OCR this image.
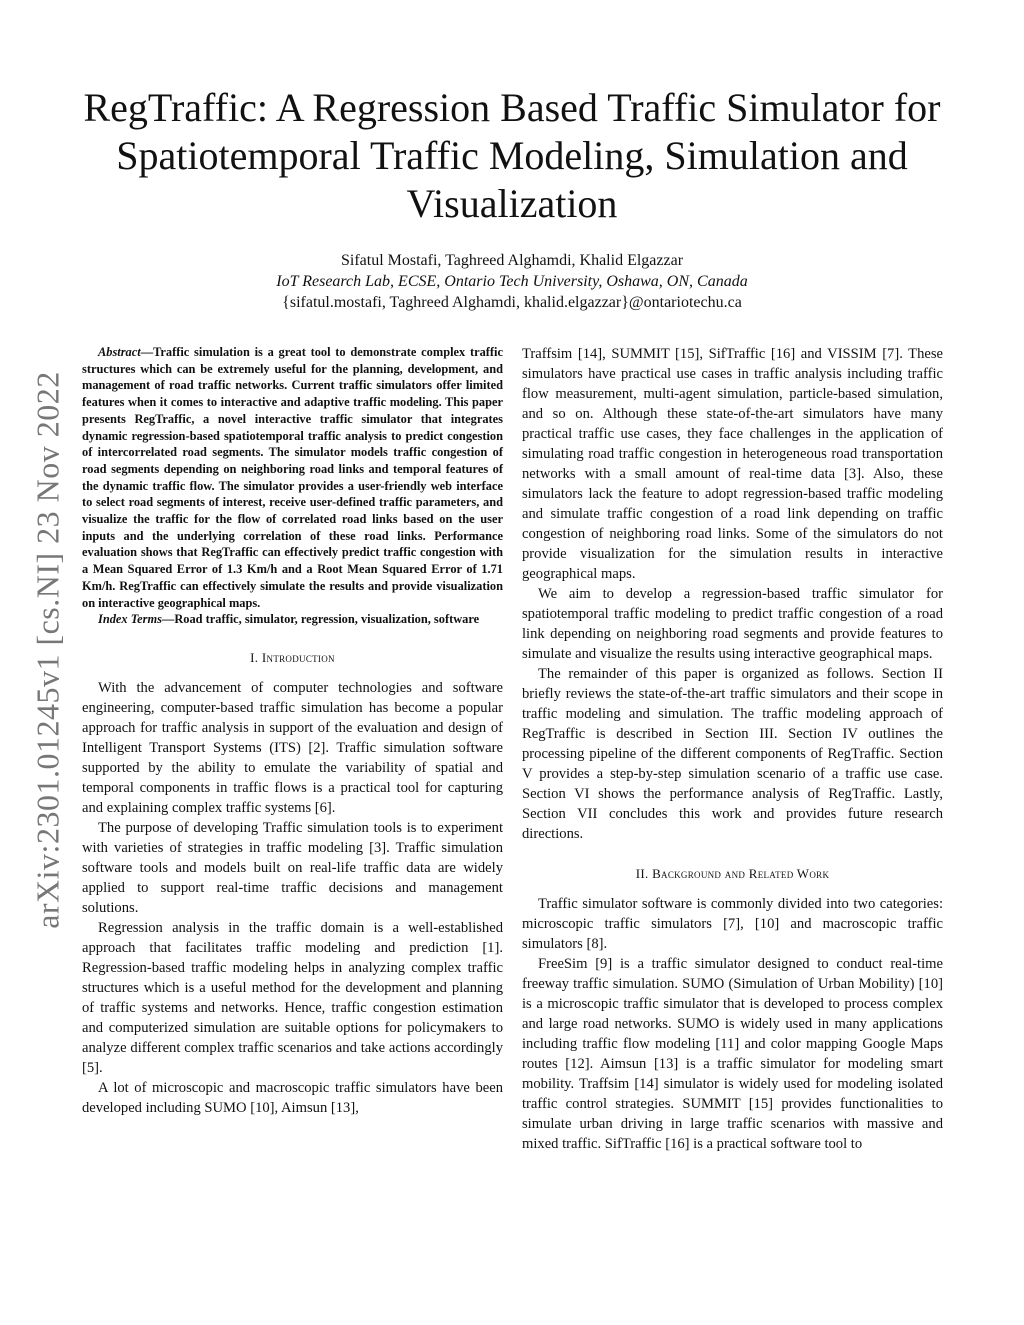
arXiv:2301.01245v1 [cs.NI] 23 Nov 2022
RegTraffic: A Regression Based Traffic Simulator for Spatiotemporal Traffic Modeling, Simulation and Visualization
Sifatul Mostafi, Taghreed Alghamdi, Khalid Elgazzar
IoT Research Lab, ECSE, Ontario Tech University, Oshawa, ON, Canada
{sifatul.mostafi, Taghreed Alghamdi, khalid.elgazzar}@ontariotechu.ca

Abstract—Traffic simulation is a great tool to demonstrate complex traffic structures which can be extremely useful for the planning, development, and management of road traffic networks. Current traffic simulators offer limited features when it comes to interactive and adaptive traffic modeling. This paper presents RegTraffic, a novel interactive traffic simulator that integrates dynamic regression-based spatiotemporal traffic analysis to predict congestion of intercorrelated road segments. The simulator models traffic congestion of road segments depending on neighboring road links and temporal features of the dynamic traffic flow. The simulator provides a user-friendly web interface to select road segments of interest, receive user-defined traffic parameters, and visualize the traffic for the flow of correlated road links based on the user inputs and the underlying correlation of these road links. Performance evaluation shows that RegTraffic can effectively predict traffic congestion with a Mean Squared Error of 1.3 Km/h and a Root Mean Squared Error of 1.71 Km/h. RegTraffic can effectively simulate the results and provide visualization on interactive geographical maps.

Index Terms—Road traffic, simulator, regression, visualization, software

I. Introduction

With the advancement of computer technologies and software engineering, computer-based traffic simulation has become a popular approach for traffic analysis in support of the evaluation and design of Intelligent Transport Systems (ITS) [2]. Traffic simulation software supported by the ability to emulate the variability of spatial and temporal components in traffic flows is a practical tool for capturing and explaining complex traffic systems [6].

The purpose of developing Traffic simulation tools is to experiment with varieties of strategies in traffic modeling [3]. Traffic simulation software tools and models built on real-life traffic data are widely applied to support real-time traffic decisions and management solutions.

Regression analysis in the traffic domain is a well-established approach that facilitates traffic modeling and prediction [1]. Regression-based traffic modeling helps in analyzing complex traffic structures which is a useful method for the development and planning of traffic systems and networks. Hence, traffic congestion estimation and computerized simulation are suitable options for policymakers to analyze different complex traffic scenarios and take actions accordingly [5].

A lot of microscopic and macroscopic traffic simulators have been developed including SUMO [10], Aimsun [13],

Traffsim [14], SUMMIT [15], SifTraffic [16] and VISSIM [7]. These simulators have practical use cases in traffic analysis including traffic flow measurement, multi-agent simulation, particle-based simulation, and so on. Although these state-of-the-art simulators have many practical traffic use cases, they face challenges in the application of simulating road traffic congestion in heterogeneous road transportation networks with a small amount of real-time data [3]. Also, these simulators lack the feature to adopt regression-based traffic modeling and simulate traffic congestion of a road link depending on traffic congestion of neighboring road links. Some of the simulators do not provide visualization for the simulation results in interactive geographical maps.

We aim to develop a regression-based traffic simulator for spatiotemporal traffic modeling to predict traffic congestion of a road link depending on neighboring road segments and provide features to simulate and visualize the results using interactive geographical maps.

The remainder of this paper is organized as follows. Section II briefly reviews the state-of-the-art traffic simulators and their scope in traffic modeling and simulation. The traffic modeling approach of RegTraffic is described in Section III. Section IV outlines the processing pipeline of the different components of RegTraffic. Section V provides a step-by-step simulation scenario of a traffic use case. Section VI shows the performance analysis of RegTraffic. Lastly, Section VII concludes this work and provides future research directions.

II. Background and Related Work

Traffic simulator software is commonly divided into two categories: microscopic traffic simulators [7], [10] and macroscopic traffic simulators [8].

FreeSim [9] is a traffic simulator designed to conduct real-time freeway traffic simulation. SUMO (Simulation of Urban Mobility) [10] is a microscopic traffic simulator that is developed to process complex and large road networks. SUMO is widely used in many applications including traffic flow modeling [11] and color mapping Google Maps routes [12]. Aimsun [13] is a traffic simulator for modeling smart mobility. Traffsim [14] simulator is widely used for modeling isolated traffic control strategies. SUMMIT [15] provides functionalities to simulate urban driving in large traffic scenarios with massive and mixed traffic. SifTraffic [16] is a practical software tool to
